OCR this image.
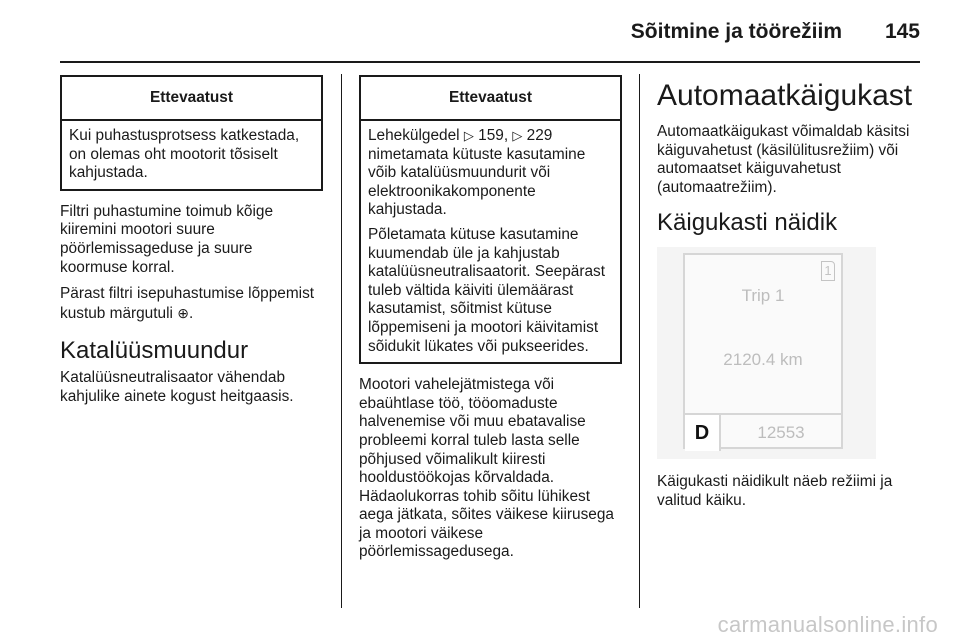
Sõitmine ja töörežiim 145
Ettevaatust

Kui puhastusprotsess katkestada, on olemas oht mootorit tõsiselt kahjustada.

Filtri puhastumine toimub kõige kiiremini mootori suure pöörlemissageduse ja suure koormuse korral.

Pärast filtri isepuhastumise lõppemist kustub märgutuli ⊕.

Katalüüsmuundur

Katalüüsneutralisaator vähendab kahjulike ainete kogust heitgaasis.

Ettevaatust

Lehekülgedel ▷ 159, ▷ 229 nimetamata kütuste kasutamine võib katalüüsmuundurit või elektroonikakomponente kahjustada.

Põletamata kütuse kasutamine kuumendab üle ja kahjustab katalüüsneutralisaatorit. Seepärast tuleb vältida käiviti ülemäärast kasutamist, sõitmist kütuse lõppemiseni ja mootori käivitamist sõidukit lükates või pukseerides.

Mootori vahelejätmistega või ebaühtlase töö, tööomaduste halvenemise või muu ebatavalise probleemi korral tuleb lasta selle põhjused võimalikult kiiresti hooldustöökojas kõrvaldada. Hädaolukorras tohib sõitu lühikest aega jätkata, sõites väikese kiirusega ja mootori väikese pöörlemissagedusega.

Automaatkäigukast

Automaatkäigukast võimaldab käsitsi käiguvahetust (käsilülitusrežiim) või automaatset käiguvahetust (automaatrežiim).

Käigukasti näidik
1
Trip 1
2120.4 km
D	12553

Käigukasti näidikult näeb režiimi ja valitud käiku.

carmanualsonline.info
